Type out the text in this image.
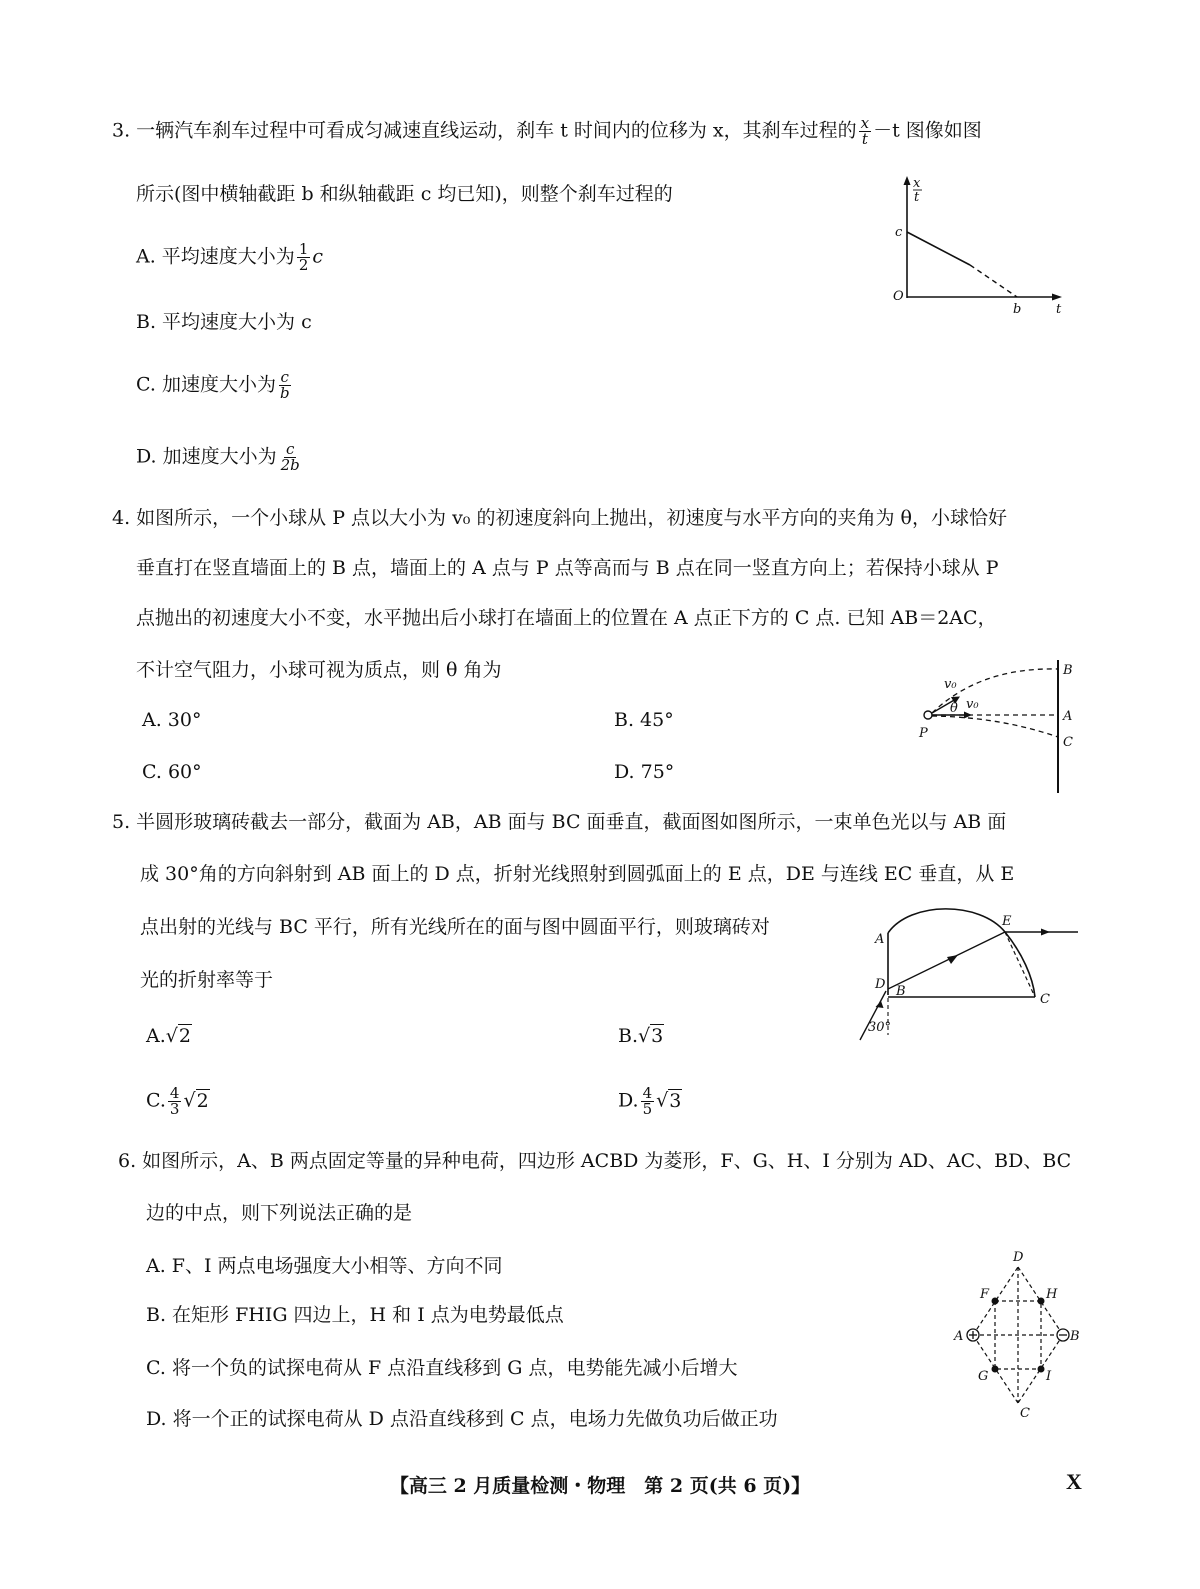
3. 一辆汽车刹车过程中可看成匀减速直线运动，刹车 t 时间内的位移为 x，其刹车过程的 $\frac{x}{t} -t$ 图像如图
所示(图中横轴截距 b 和纵轴截距 c 均已知)，则整个刹车过程的
A. 平均速度大小为 $\frac{1}{2}$ c
B. 平均速度大小为 c
C. 加速度大小为 $\frac{c}{b}$
D. 加速度大小为 $\frac{c}{2b}$
x
t
c
O
b	t
4. 如图所示，一个小球从 P 点以大小为 v₀ 的初速度斜向上抛出，初速度与水平方向的夹角为 θ，小球恰好
垂直打在竖直墙面上的 B 点，墙面上的 A 点与 P 点等高而与 B 点在同一竖直方向上；若保持小球从 P
点抛出的初速度大小不变，水平抛出后小球打在墙面上的位置在 A 点正下方的 C 点. 已知 AB＝2AC，
不计空气阻力，小球可视为质点，则 θ 角为
A. 30°	B. 45°
C. 60°	D. 75°
v₀
θ v₀
B
A
C
P
5. 半圆形玻璃砖截去一部分，截面为 AB，AB 面与 BC 面垂直，截面图如图所示，一束单色光以与 AB 面
成 30°角的方向斜射到 AB 面上的 D 点，折射光线照射到圆弧面上的 E 点，DE 与连线 EC 垂直，从 E
点出射的光线与 BC 平行，所有光线所在的面与图中圆面平行，则玻璃砖对
光的折射率等于
A.√2	B.√3
C. $\frac{4}{3} √2$	D. $\frac{4}{5} √3$
A
D B
E
C
30°
6. 如图所示，A、B 两点固定等量的异种电荷，四边形 ACBD 为菱形，F、G、H、I 分别为 AD、AC、BD、BC
边的中点，则下列说法正确的是
A. F、I 两点电场强度大小相等、方向不同
B. 在矩形 FHIG 四边上，H 和 I 点为电势最低点
C. 将一个负的试探电荷从 F 点沿直线移到 G 点，电势能先减小后增大
D. 将一个正的试探电荷从 D 点沿直线移到 C 点，电场力先做负功后做正功
D
F	H
A	B
G	I
C
【高三 2 月质量检测・物理　第 2 页(共 6 页)】	X
